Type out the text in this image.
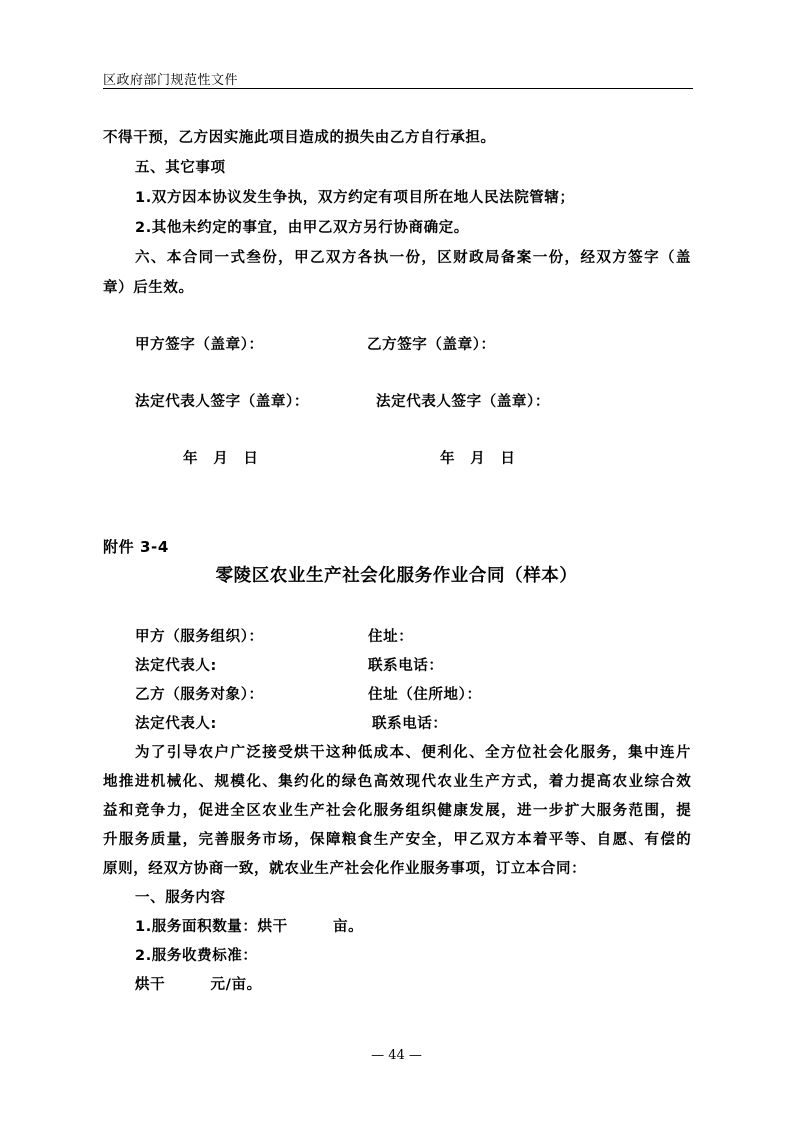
区政府部门规范性文件
不得干预，乙方因实施此项目造成的损失由乙方自行承担。
五、其它事项
1.双方因本协议发生争执，双方约定有项目所在地人民法院管辖；
2.其他未约定的事宜，由甲乙双方另行协商确定。
六、本合同一式叁份，甲乙双方各执一份，区财政局备案一份，经双方签字（盖
章）后生效。
甲方签字（盖章）：	乙方签字（盖章）：
法定代表人签字（盖章）：	法定代表人签字（盖章）：
年　月　日	年　月　日
附件 3-4
零陵区农业生产社会化服务作业合同（样本）
甲方（服务组织）：	住址：
法定代表人:	联系电话：
乙方（服务对象）：	住址（住所地）：
法定代表人:	联系电话：
为了引导农户广泛接受烘干这种低成本、便利化、全方位社会化服务，集中连片
地推进机械化、规模化、集约化的绿色高效现代农业生产方式，着力提高农业综合效
益和竞争力，促进全区农业生产社会化服务组织健康发展，进一步扩大服务范围，提
升服务质量，完善服务市场，保障粮食生产安全，甲乙双方本着平等、自愿、有偿的
原则，经双方协商一致，就农业生产社会化作业服务事项，订立本合同：
一、服务内容
1.服务面积数量：烘干　　　亩。
2.服务收费标准：
烘干　　　元/亩。
— 44 —
